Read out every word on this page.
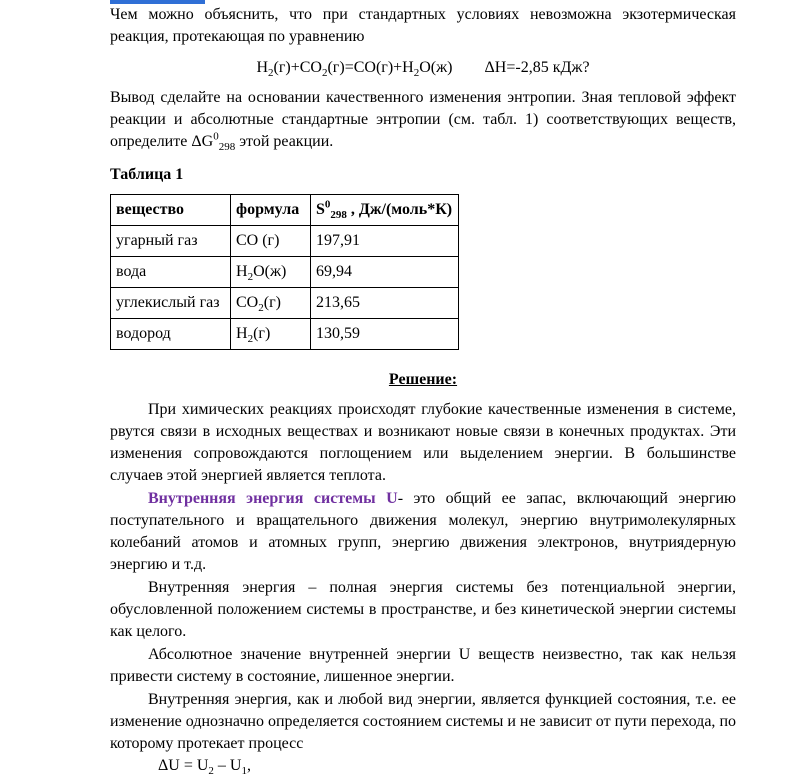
Чем можно объяснить, что при стандартных условиях невозможна экзотермическая реакция, протекающая по уравнению

$H_2(г)+CO_2(г)=CO(г)+H_2O(ж)$ ΔH=-2,85 кДж?

Вывод сделайте на основании качественного изменения энтропии. Зная тепловой эффект реакции и абсолютные стандартные энтропии (см. табл. 1) соответствующих веществ, определите $\Delta G^0_{298}$ этой реакции.

Таблица 1
вещество	формула	$S^0_{298}$ , Дж/(моль*К)
угарный газ	CO (г)	197,91
вода	$H_2O(ж)$	69,94
углекислый газ	$CO_2(г)$	213,65
водород	$H_2(г)$	130,59
Решение:

При химических реакциях происходят глубокие качественные изменения в системе, рвутся связи в исходных веществах и возникают новые связи в конечных продуктах. Эти изменения сопровождаются поглощением или выделением энергии. В большинстве случаев этой энергией является теплота.

Внутренняя энергия системы U- это общий ее запас, включающий энергию поступательного и вращательного движения молекул, энергию внутримолекулярных колебаний атомов и атомных групп, энергию движения электронов, внутриядерную энергию и т.д.

Внутренняя энергия – полная энергия системы без потенциальной энергии, обусловленной положением системы в пространстве, и без кинетической энергии системы как целого.

Абсолютное значение внутренней энергии U веществ неизвестно, так как нельзя привести систему в состояние, лишенное энергии.

Внутренняя энергия, как и любой вид энергии, является функцией состояния, т.е. ее изменение однозначно определяется состоянием системы и не зависит от пути перехода, по которому протекает процесс

$\Delta U = U_2 - U_1$,
